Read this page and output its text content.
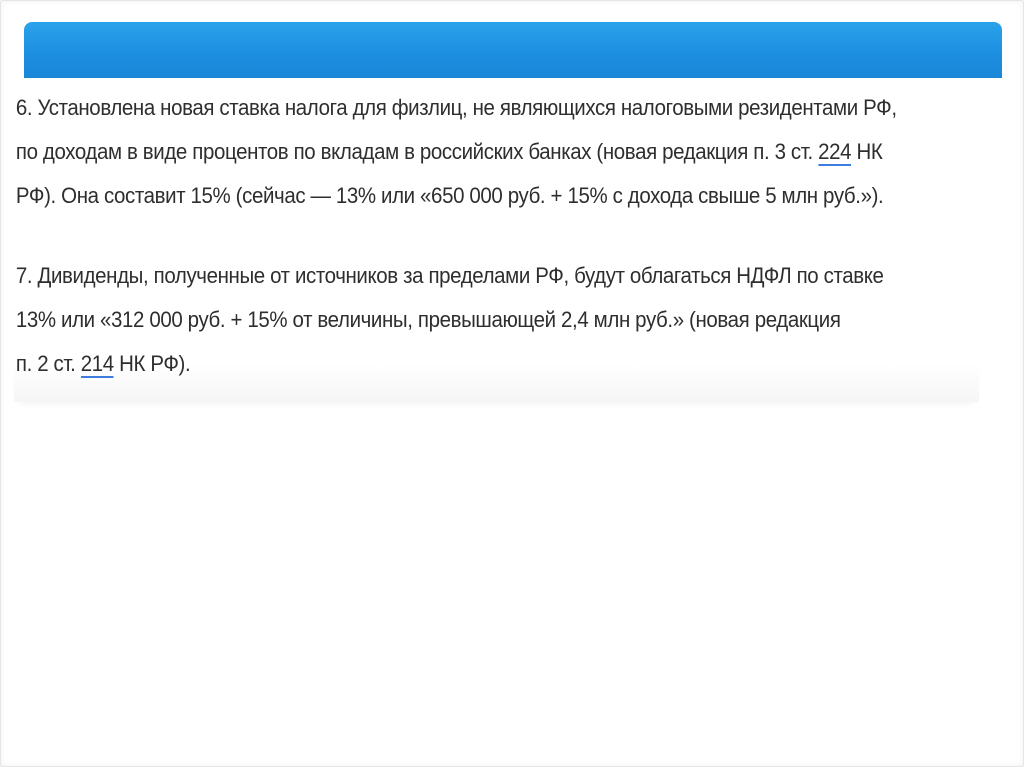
6. Установлена новая ставка налога для физлиц, не являющихся налоговыми резидентами РФ,
по доходам в виде процентов по вкладам в российских банках (новая редакция п. 3 ст. 224 НК
РФ). Она составит 15% (сейчас — 13% или «650 000 руб. + 15% с дохода свыше 5 млн руб.»).

7. Дивиденды, полученные от источников за пределами РФ, будут облагаться НДФЛ по ставке
13% или «312 000 руб. + 15% от величины, превышающей 2,4 млн руб.» (новая редакция
п. 2 ст. 214 НК РФ).
